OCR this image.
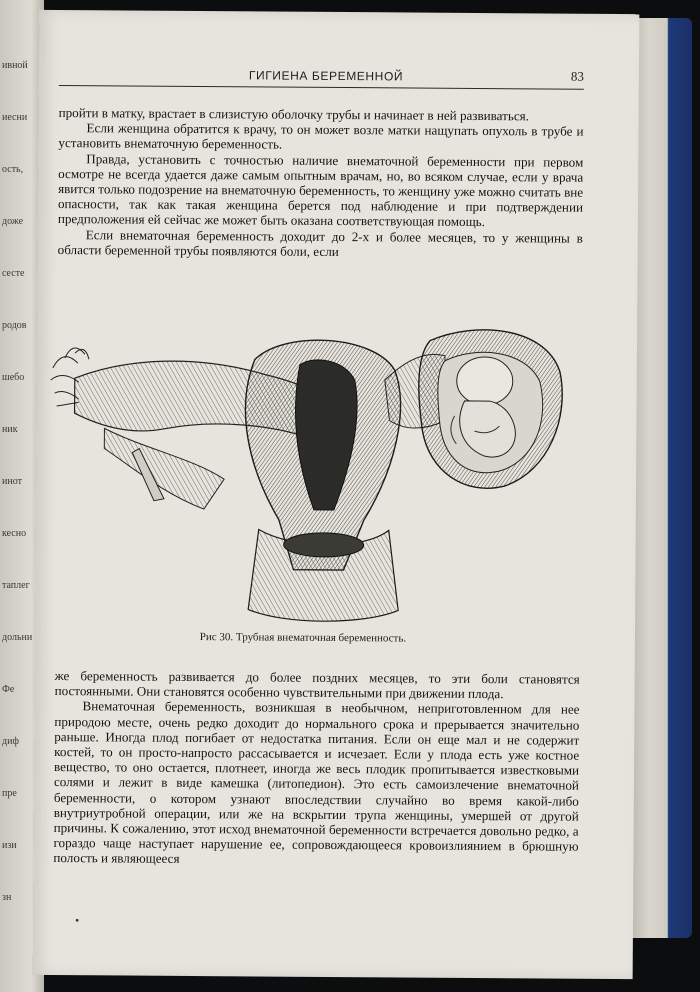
ивной
иесни
ость,
доже
сесте
родов
шебо
ник
инот
кесно
таплег
дольни
Фе
диф
пре
изи
зн
ГИГИЕНА БЕРЕМЕННОЙ	83

пройти в матку, врастает в слизистую оболочку трубы и начинает в ней развиваться.

Если женщина обратится к врачу, то он может возле матки нащупать опухоль в трубе и установить внематочную беременность.

Правда, установить с точностью наличие внематочной беременности при первом осмотре не всегда удается даже самым опытным врачам, но, во всяком случае, если у врача явится только подозрение на внематочную беременность, то женщину уже можно считать вне опасности, так как такая женщина берется под наблюдение и при подтверждении предположения ей сейчас же может быть оказана соответствующая помощь.

Если внематочная беременность доходит до 2-х и более месяцев, то у женщины в области беременной трубы появляются боли, если

Рис 30. Трубная внематочная беременность.

же беременность развивается до более поздних месяцев, то эти боли становятся постоянными. Они становятся особенно чувствительными при движении плода.

Внематочная беременность, возникшая в необычном, неприготовленном для нее природою месте, очень редко доходит до нормального срока и прерывается значительно раньше. Иногда плод погибает от недостатка питания. Если он еще мал и не содержит костей, то он просто-напросто рассасывается и исчезает. Если у плода есть уже костное вещество, то оно остается, плотнеет, иногда же весь плодик пропитывается известковыми солями и лежит в виде камешка (литопедион). Это есть самоизлечение внематочной беременности, о котором узнают впоследствии случайно во время какой-либо внутриутробной операции, или же на вскрытии трупа женщины, умершей от другой причины. К сожалению, этот исход внематочной беременности встречается довольно редко, а гораздо чаще наступает нарушение ее, сопровождающееся кровоизлиянием в брюшную полость и являющееся

•
